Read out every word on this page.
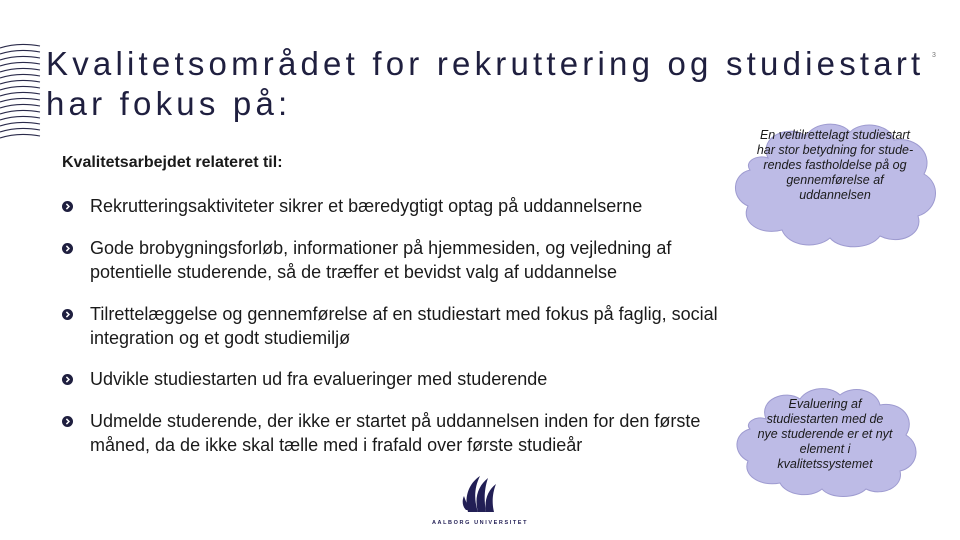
Kvalitetsområdet for rekruttering og studiestart har fokus på:
3
Kvalitetsarbejdet relateret til:
Rekrutteringsaktiviteter sikrer et bæredygtigt optag på uddannelserne
Gode brobygningsforløb, informationer på hjemmesiden, og vejledning af potentielle studerende, så de træffer et bevidst valg af uddannelse
Tilrettelæggelse og gennemførelse af en studiestart med fokus på faglig, social integration og et godt studiemiljø
Udvikle studiestarten ud fra evalueringer med studerende
Udmelde studerende, der ikke er startet på uddannelsen inden for den første måned, da de ikke skal tælle med i frafald over første studieår
En veltilrettelagt studiestart har stor betydning for stude-rendes fastholdelse på og gennemførelse af uddannelsen
Evaluering af studiestarten med de nye studerende er et nyt element i kvalitetssystemet
AALBORG UNIVERSITET
